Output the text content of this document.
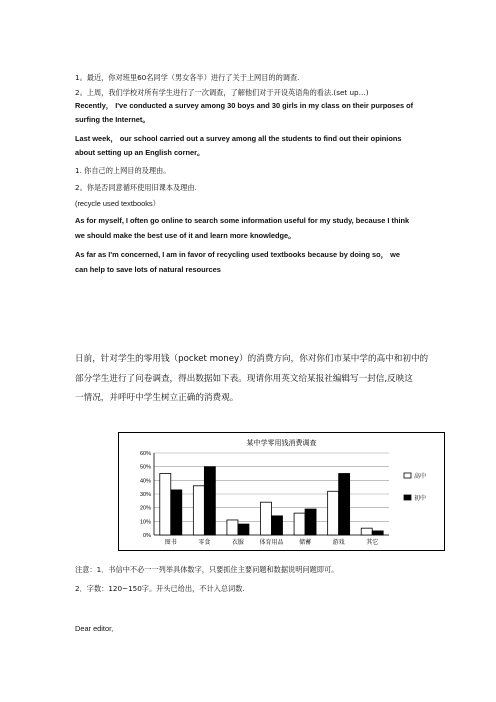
1。最近，你对班里60名同学（男女各半）进行了关于上网目的的调查.
2。上周，我们学校对所有学生进行了一次调查，了解他们对于开设英语角的看法.(set up…)
Recently， I've conducted a survey among 30 boys and 30 girls in my class on their purposes of
surfing the Internet。
Last week， our school carried out a survey among all the students to find out their opinions
about setting up an English corner。
1. 你自己的上网目的及理由。
2。你是否同意循环使用旧课本及理由.
(recycle used textbooks）
As for myself, I often go online to search some information useful for my study, because I think
we should make the best use of it and learn more knowledge。
As far as I'm concerned, I am in favor of recycling used textbooks because by doing so， we
can help to save lots of natural resources
日前，针对学生的零用钱（pocket money）的消费方向，你对你们市某中学的高中和初中的
部分学生进行了问卷调查，得出数据如下表。现请你用英文给某报社编辑写一封信,反映这
一情况，并呼吁中学生树立正确的消费观。
某中学零用钱消费调查
0%
10%
20%
30%
40%
50%
60%
图书	零食	衣服	体育用品	储蓄	游戏	其它
高中
初中
注意：1．书信中不必一一列举具体数字，只要抓住主要问题和数据说明问题即可。
2．字数：120~150字。开头已给出，不计入总词数.
Dear editor,
